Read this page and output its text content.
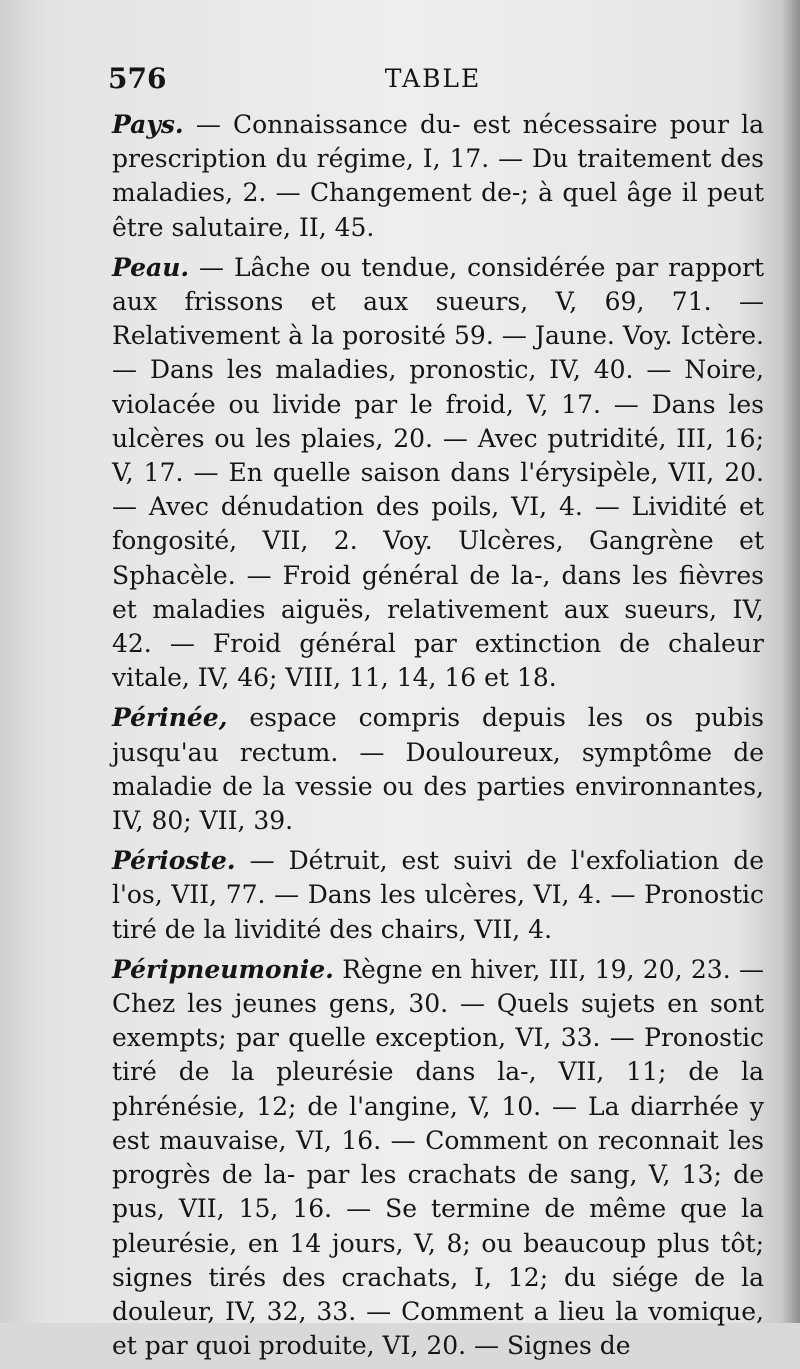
576	TABLE

Pays. — Connaissance du- est nécessaire pour la prescription du régime, I, 17. — Du traitement des maladies, 2. — Changement de-; à quel âge il peut être salutaire, II, 45.

Peau. — Lâche ou tendue, considérée par rapport aux frissons et aux sueurs, V, 69, 71. — Relativement à la porosité 59. — Jaune. Voy. Ictère. — Dans les maladies, pronostic, IV, 40. — Noire, violacée ou livide par le froid, V, 17. — Dans les ulcères ou les plaies, 20. — Avec putridité, III, 16; V, 17. — En quelle saison dans l'érysipèle, VII, 20. — Avec dénudation des poils, VI, 4. — Lividité et fongosité, VII, 2. Voy. Ulcères, Gangrène et Sphacèle. — Froid général de la-, dans les fièvres et maladies aiguës, relativement aux sueurs, IV, 42. — Froid général par extinction de chaleur vitale, IV, 46; VIII, 11, 14, 16 et 18.

Périnée, espace compris depuis les os pubis jusqu'au rectum. — Douloureux, symptôme de maladie de la vessie ou des parties environnantes, IV, 80; VII, 39.

Périoste. — Détruit, est suivi de l'exfoliation de l'os, VII, 77. — Dans les ulcères, VI, 4. — Pronostic tiré de la lividité des chairs, VII, 4.

Péripneumonie. Règne en hiver, III, 19, 20, 23. — Chez les jeunes gens, 30. — Quels sujets en sont exempts; par quelle exception, VI, 33. — Pronostic tiré de la pleurésie dans la-, VII, 11; de la phrénésie, 12; de l'angine, V, 10. — La diarrhée y est mauvaise, VI, 16. — Comment on reconnait les progrès de la- par les crachats de sang, V, 13; de pus, VII, 15, 16. — Se termine de même que la pleurésie, en 14 jours, V, 8; ou beaucoup plus tôt; signes tirés des crachats, I, 12; du siége de la douleur, IV, 32, 33. — Comment a lieu la vomique, et par quoi produite, VI, 20. — Signes de
